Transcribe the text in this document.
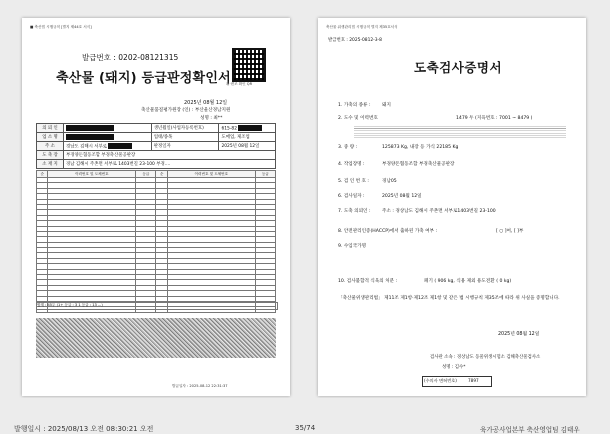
■ 축산법 시행규칙 [별지 제44호 서식]
발급번호 : 0202-08121315
축산물 (돼지) 등급판정확인서
위·변조 확인 QR
2025년 08월 12일
축산물품질평가원장 (인) : 부산울산경남지원
성명 : 최**
의 뢰 인		생년월일(사업자등록번호)	615-82
업 소 명		업태/종목	도매업, 제조업
주 소	경남도 김해시 서부로	판정일자	2025년 08월 12일
도 축 장	부경양돈협동조합 부경축산물공판장		
소 재 지	경남 김해시 주촌면 서부로 1403번길 23-100 부경....		
순	이력번호 및 도체번호	등급	순	이력번호 및 도체번호	등급

합계 : 45두 (1+ 등급 : 3 1 등급 : 13 ...)
발급일자 : 2025-08-12 22:31:37
축산물 위생관리법 시행규칙 별지 제35호서식
발급번호 : 2025-0812-3-8
도축검사증명서
1. 가축의 종류 :	돼지
2. 도수 및 이력번호	1479 두 (지육번호 : 7001 ~ 8479 )
3. 중 량 :	125873 Kg, 내장 등 가식 22185 Kg
4. 작업장명 :	부경양돈협동조합 부경축산물공판장
5. 검 인 번 호 :	경남05
6. 검사일자 :	2025년 08월 12일
7. 도축 의뢰인 :	주소 : 경상남도 김해시 주촌면 서부로1403번길 23-100
8. 안전관리인증(HACCP)에서 출하된 가축 여부 :	[ ○ ]여, [ ]부
9. 수입국가명
10. 검사불합격 식육의 처분 :	폐기 ( 906 kg, 식용 제외 용도전환 ( 0 kg)
「축산물위생관리법」 제11조 제1항·제12조 제1항 및 같은 법 시행규칙 제35조에 따라 위 사실을 증명합니다.
2025년 08월 12일
검사관 소속 : 경상남도 동물위생시험소 김해축산물검사소
성명 : 김수*
(수의사 면허번호)	7897
발행일시 : 2025/08/13 오전 08:30:21 오전	35/74	육가공사업본부 축산영업팀 김태우
